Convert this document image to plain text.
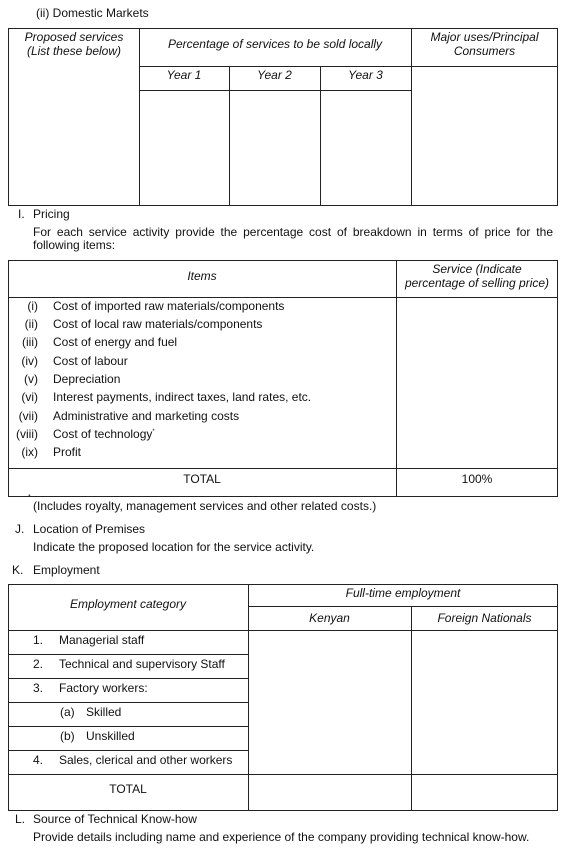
(ii) Domestic Markets
Proposed services
(List these below)	Percentage of services to be sold locally	Major uses/Principal
Consumers
Year 1	Year 2	Year 3
I. Pricing
For each service activity provide the percentage cost of breakdown in terms of price for the
following items:
Items	Service (Indicate
percentage of selling price)
(i) Cost of imported raw materials/components
(ii) Cost of local raw materials/components
(iii) Cost of energy and fuel
(iv) Cost of labour
(v) Depreciation
(vi) Interest payments, indirect taxes, land rates, etc.
(vii) Administrative and marketing costs
(viii) Cost of technology*
(ix) Profit
TOTAL	100%
*
(Includes royalty, management services and other related costs.)
J. Location of Premises
Indicate the proposed location for the service activity.
K. Employment
Employment category
Full-time employment
Kenyan	Foreign Nationals
1. Managerial staff
2. Technical and supervisory Staff
3. Factory workers:
(a) Skilled
(b) Unskilled
4. Sales, clerical and other workers
TOTAL
L. Source of Technical Know-how
Provide details including name and experience of the company providing technical know-how.
